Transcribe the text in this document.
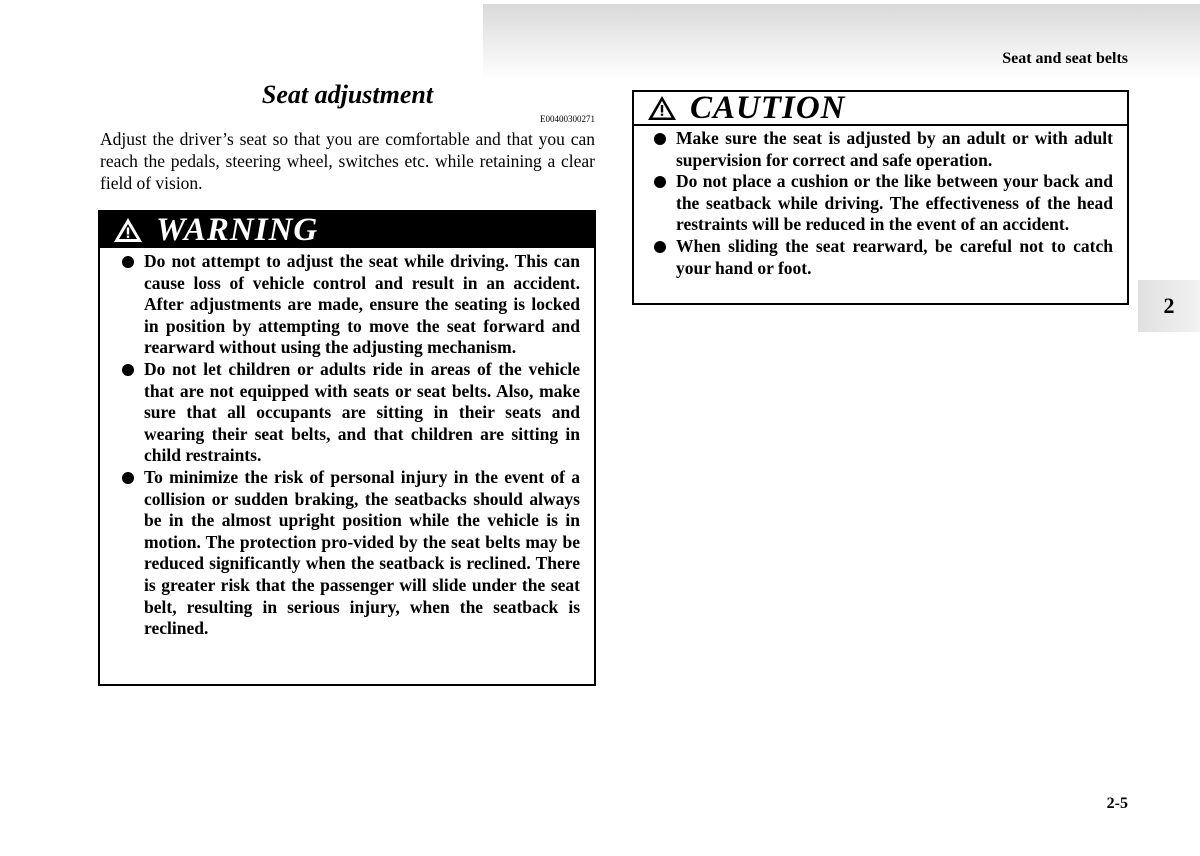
Seat and seat belts
Seat adjustment
E00400300271
Adjust the driver’s seat so that you are comfortable and that you can reach the pedals, steering wheel, switches etc. while retaining a clear field of vision.
WARNING
Do not attempt to adjust the seat while driving. This can cause loss of vehicle control and result in an accident. After adjustments are made, ensure the seating is locked in position by attempting to move the seat forward and rearward without using the adjusting mechanism.
Do not let children or adults ride in areas of the vehicle that are not equipped with seats or seat belts. Also, make sure that all occupants are sitting in their seats and wearing their seat belts, and that children are sitting in child restraints.
To minimize the risk of personal injury in the event of a collision or sudden braking, the seatbacks should always be in the almost upright position while the vehicle is in motion. The protection pro-vided by the seat belts may be reduced significantly when the seatback is reclined. There is greater risk that the passenger will slide under the seat belt, resulting in serious injury, when the seatback is reclined.
CAUTION
Make sure the seat is adjusted by an adult or with adult supervision for correct and safe operation.
Do not place a cushion or the like between your back and the seatback while driving. The effectiveness of the head restraints will be reduced in the event of an accident.
When sliding the seat rearward, be careful not to catch your hand or foot.
2
2-5
